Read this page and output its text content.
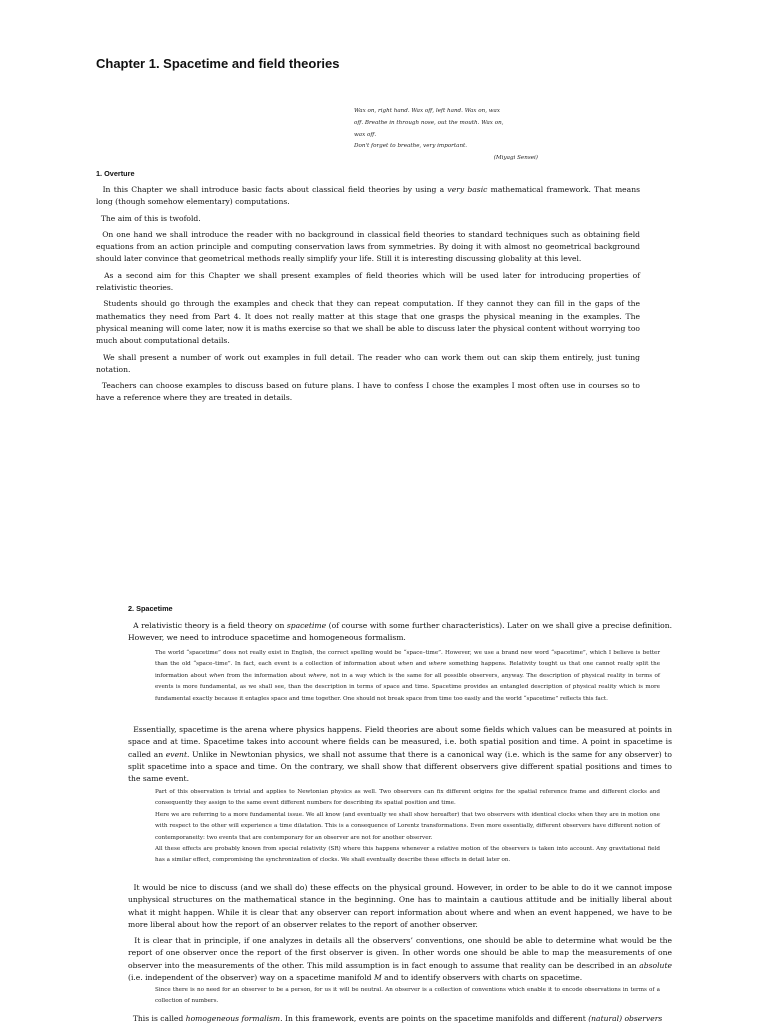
Chapter 1. Spacetime and field theories
Wax on, right hand. Wax off, left hand. Wax on, wax
off. Breathe in through nose, out the mouth. Wax on,
wax off.
Don't forget to breathe, very important.
(Miyagi Sensei)
1. Overture

In this Chapter we shall introduce basic facts about classical field theories by using a very basic mathematical framework. That means long (though somehow elementary) computations.

The aim of this is twofold.

On one hand we shall introduce the reader with no background in classical field theories to standard techniques such as obtaining field equations from an action principle and computing conservation laws from symmetries. By doing it with almost no geometrical background should later convince that geometrical methods really simplify your life. Still it is interesting discussing globality at this level.

As a second aim for this Chapter we shall present examples of field theories which will be used later for introducing properties of relativistic theories.

Students should go through the examples and check that they can repeat computation. If they cannot they can fill in the gaps of the mathematics they need from Part 4. It does not really matter at this stage that one grasps the physical meaning in the examples. The physical meaning will come later, now it is maths exercise so that we shall be able to discuss later the physical content without worrying too much about computational details.

We shall present a number of work out examples in full detail. The reader who can work them out can skip them entirely, just tuning notation.

Teachers can choose examples to discuss based on future plans. I have to confess I chose the examples I most often use in courses so to have a reference where they are treated in details.

2. Spacetime

A relativistic theory is a field theory on spacetime (of course with some further characteristics). Later on we shall give a precise definition. However, we need to introduce spacetime and homogeneous formalism.

The world “spacetime” does not really exist in English, the correct spelling would be “space–time”. However, we use a brand new word “spacetime”, which I believe is better than the old “space–time”. In fact, each event is a collection of information about when and where something happens. Relativity tought us that one cannot really split the information about when from the information about where, not in a way which is the same for all possible observers, anyway. The description of physical reality in terms of events is more fundamental, as we shall see, than the description in terms of space and time. Spacetime provides an entangled description of physical reality which is more fundamental exactly because it entagles space and time together. One should not break space from time too easily and the world “spacetime” reflects this fact.

Essentially, spacetime is the arena where physics happens. Field theories are about some fields which values can be measured at points in space and at time. Spacetime takes into account where fields can be measured, i.e. both spatial position and time. A point in spacetime is called an event. Unlike in Newtonian physics, we shall not assume that there is a canonical way (i.e. which is the same for any observer) to split spacetime into a space and time. On the contrary, we shall show that different observers give different spatial positions and times to the same event.

Part of this observation is trivial and applies to Newtonian physics as well. Two observers can fix different origins for the spatial reference frame and different clocks and consequently they assign to the same event different numbers for describing its spatial position and time.

Here we are referring to a more fundamental issue. We all know (and eventually we shall show hereafter) that two observers with identical clocks when they are in motion one with respect to the other will experience a time dilatation. This is a consequence of Lorentz transformations. Even more essentially, different observers have different notion of contemporaneity: two events that are contemporary for an observer are not for another observer.

All these effects are probably known from special relativity (SR) where this happens whenever a relative motion of the observers is taken into account. Any gravitational field has a similar effect, compromising the synchronization of clocks. We shall eventually describe these effects in detail later on.

It would be nice to discuss (and we shall do) these effects on the physical ground. However, in order to be able to do it we cannot impose unphysical structures on the mathematical stance in the beginning. One has to maintain a cautious attitude and be initially liberal about what it might happen. While it is clear that any observer can report information about where and when an event happened, we have to be more liberal about how the report of an observer relates to the report of another observer.

It is clear that in principle, if one analyzes in details all the observers’ conventions, one should be able to determine what would be the report of one observer once the report of the first observer is given. In other words one should be able to map the measurements of one observer into the measurements of the other. This mild assumption is in fact enough to assume that reality can be described in an absolute (i.e. independent of the observer) way on a spacetime manifold M and to identify observers with charts on spacetime.

Since there is no need for an observer to be a person, for us it will be neutral. An observer is a collection of conventions which enable it to encode observations in terms of a collection of numbers.

This is called homogeneous formalism. In this framework, events are points on the spacetime manifolds and different (natural) observers
